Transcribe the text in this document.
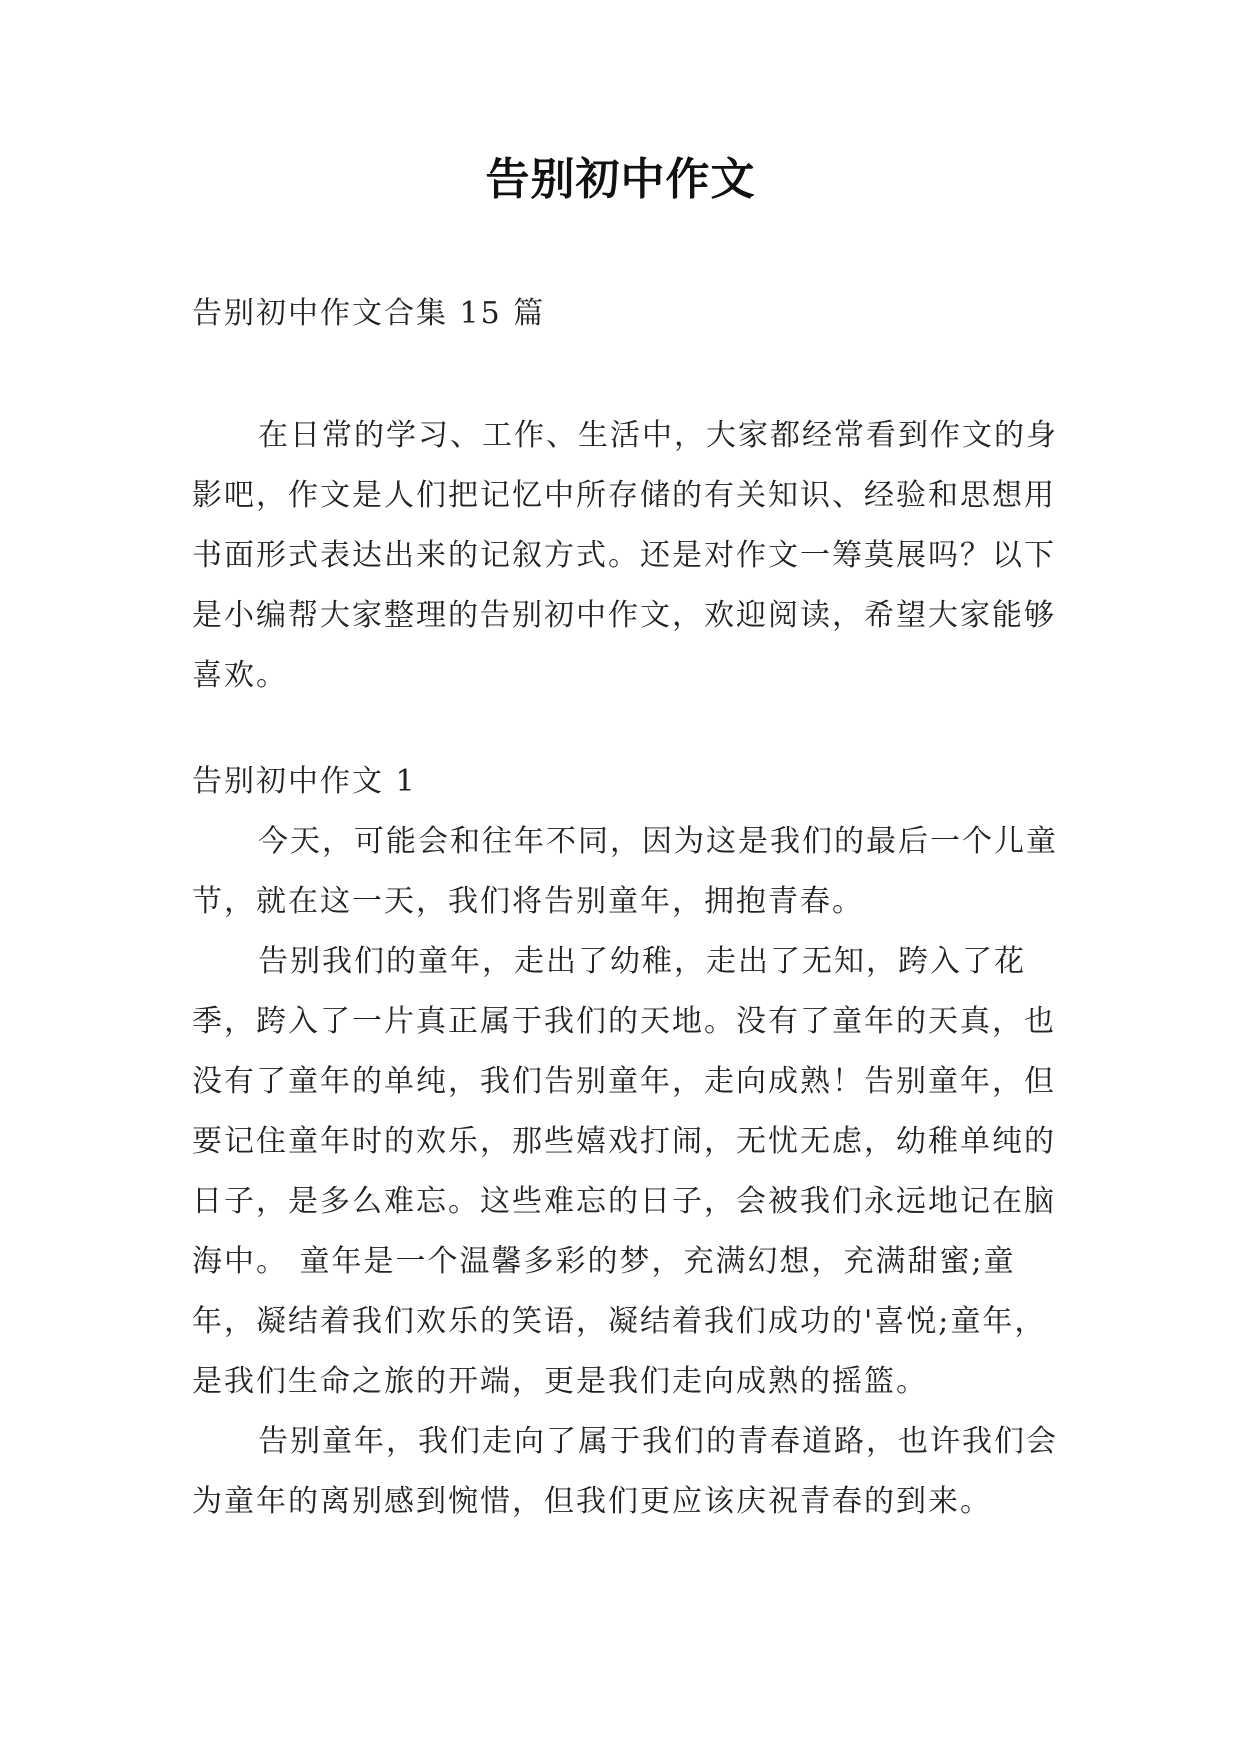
告别初中作文
告别初中作文合集 15 篇
在日常的学习、工作、生活中，大家都经常看到作文的身影吧，作文是人们把记忆中所存储的有关知识、经验和思想用书面形式表达出来的记叙方式。还是对作文一筹莫展吗？以下是小编帮大家整理的告别初中作文，欢迎阅读，希望大家能够喜欢。

告别初中作文 1

今天，可能会和往年不同，因为这是我们的最后一个儿童节，就在这一天，我们将告别童年，拥抱青春。

告别我们的童年，走出了幼稚，走出了无知，跨入了花季，跨入了一片真正属于我们的天地。没有了童年的天真，也没有了童年的单纯，我们告别童年，走向成熟！告别童年，但要记住童年时的欢乐，那些嬉戏打闹，无忧无虑，幼稚单纯的日子，是多么难忘。这些难忘的日子，会被我们永远地记在脑海中。 童年是一个温馨多彩的梦，充满幻想，充满甜蜜;童年，凝结着我们欢乐的笑语，凝结着我们成功的'喜悦;童年，是我们生命之旅的开端，更是我们走向成熟的摇篮。

告别童年，我们走向了属于我们的青春道路，也许我们会为童年的离别感到惋惜，但我们更应该庆祝青春的到来。
